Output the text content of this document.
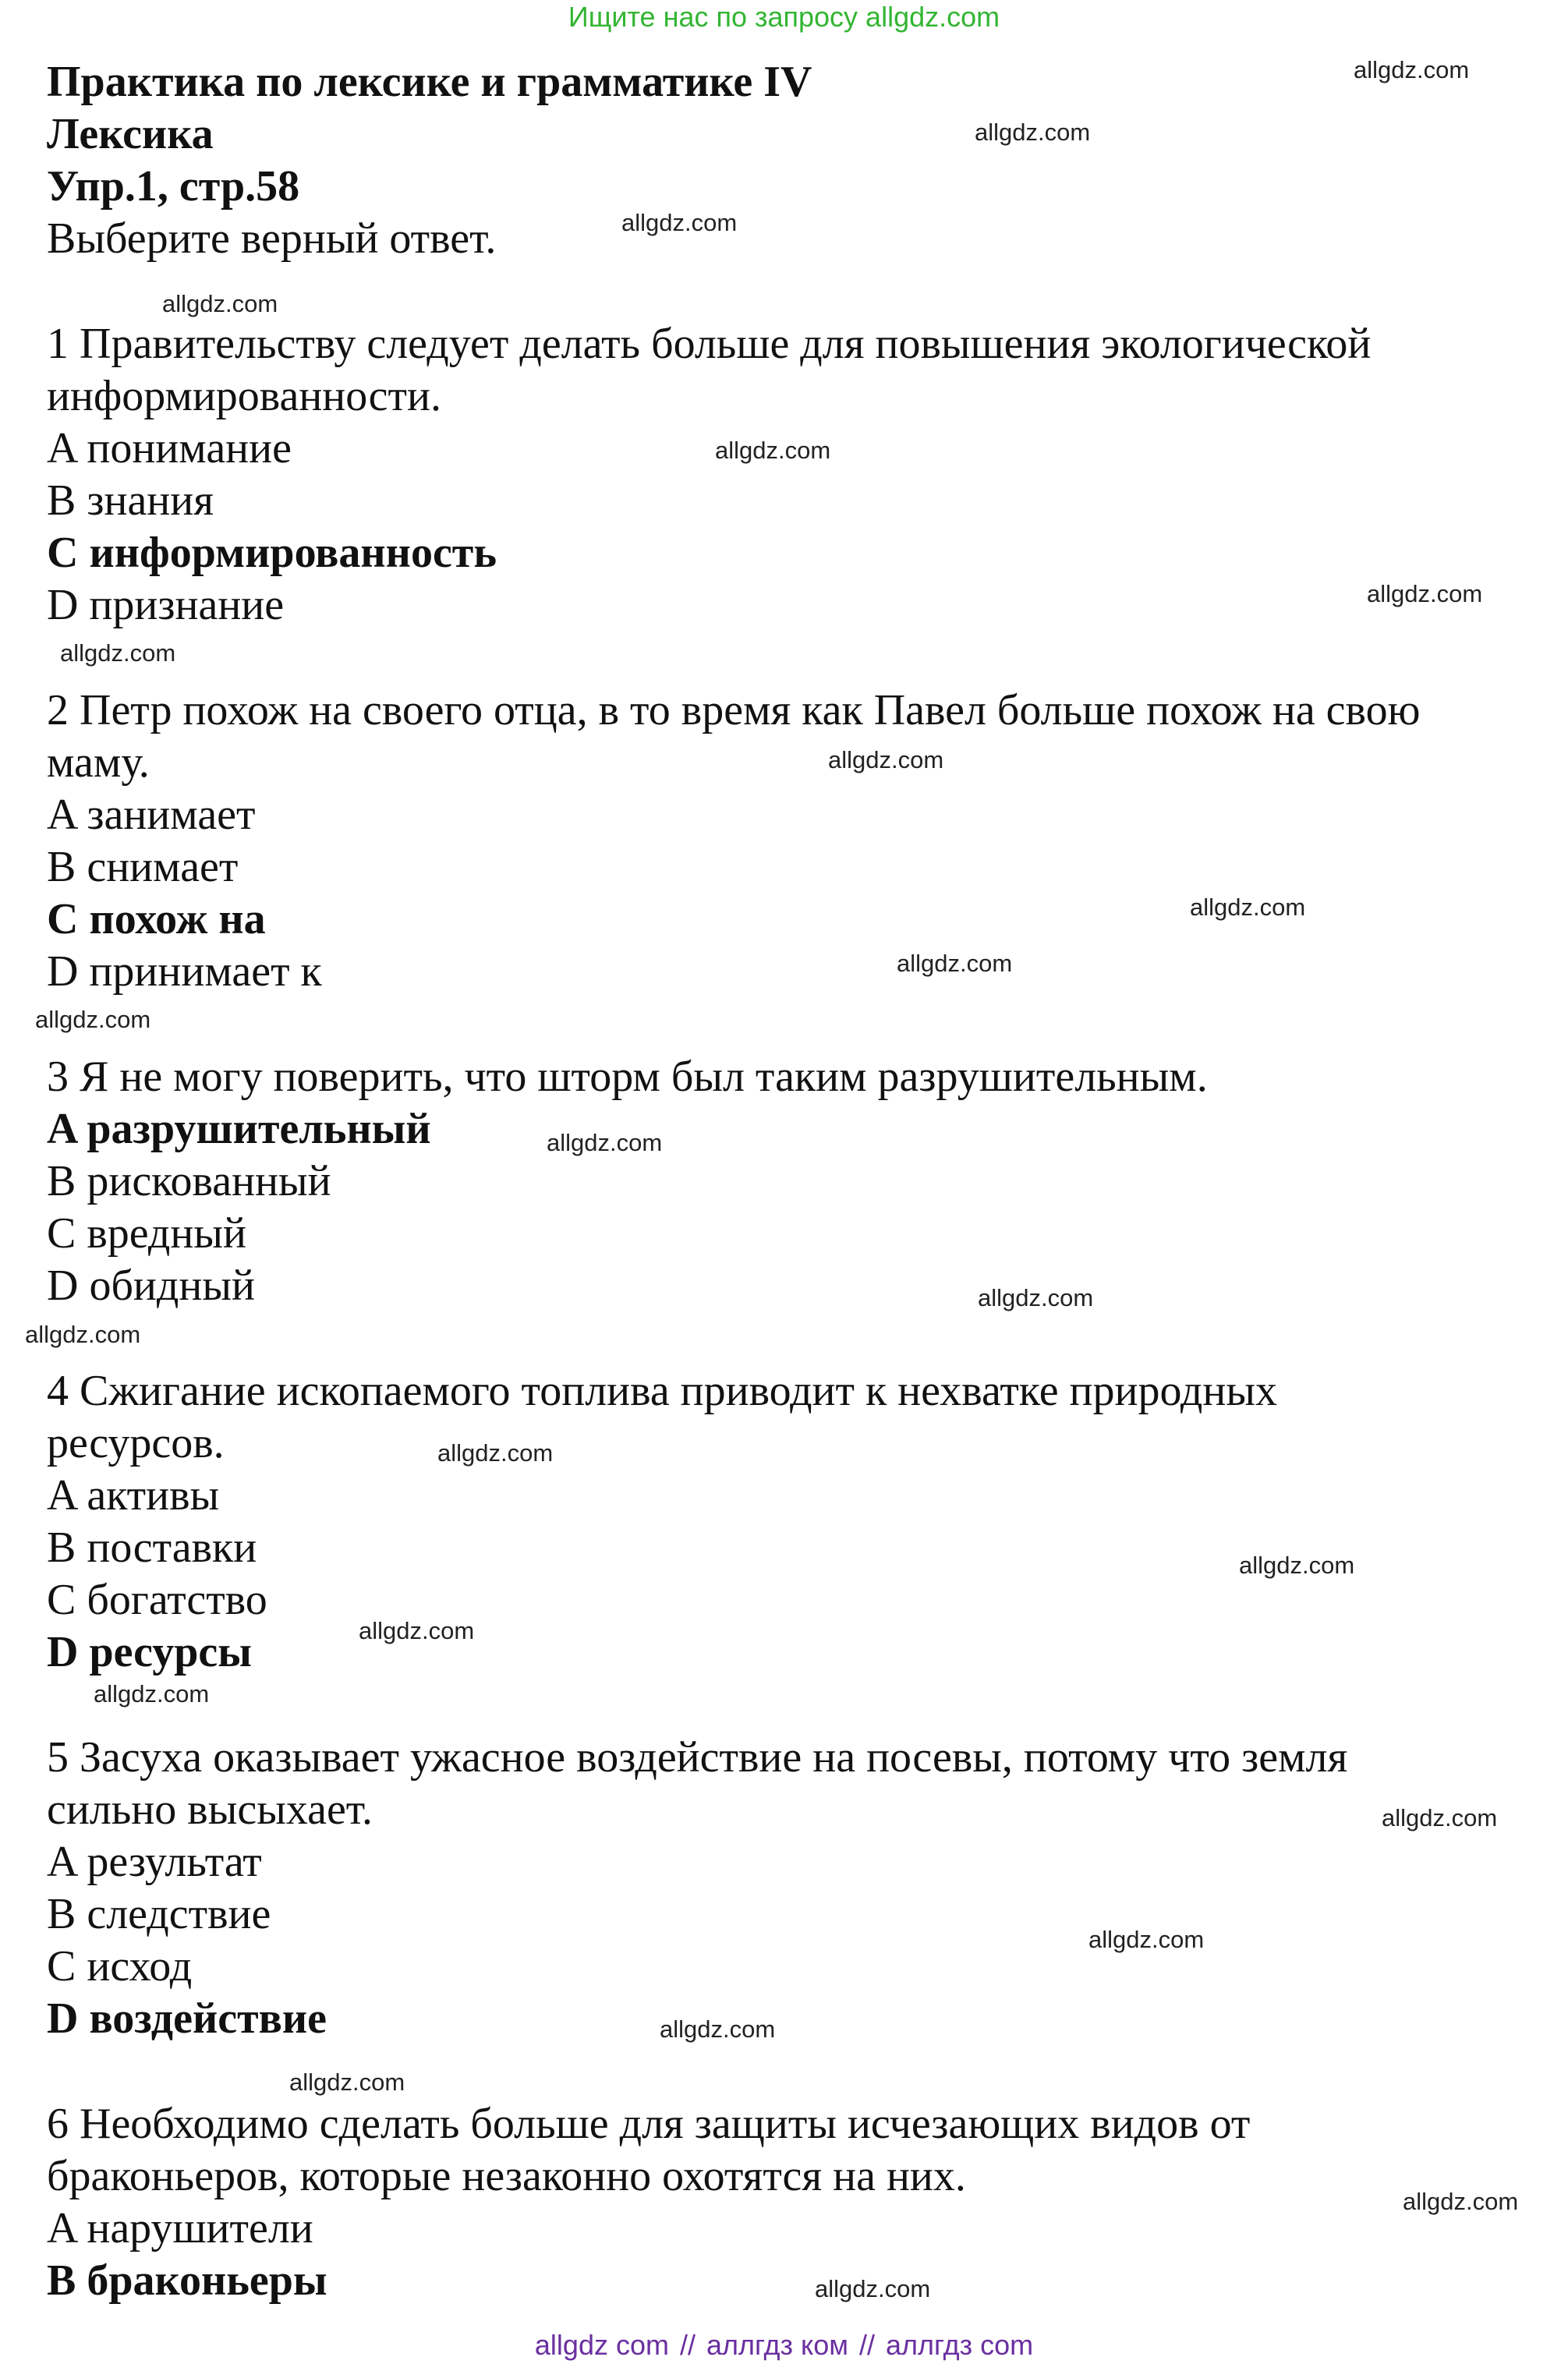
Ищите нас по запросу allgdz.com

Практика по лексике и грамматике IV

Лексика

Упр.1, стр.58

Выберите верный ответ.

1 Правительству следует делать больше для повышения экологической

информированности.

A понимание

B знания

C информированность

D признание

2 Петр похож на своего отца, в то время как Павел больше похож на свою

маму.

A занимает

B снимает

C похож на

D принимает к

3 Я не могу поверить, что шторм был таким разрушительным.

A разрушительный

B рискованный

C вредный

D обидный

4 Сжигание ископаемого топлива приводит к нехватке природных

ресурсов.

A активы

B поставки

C богатство

D ресурсы

5 Засуха оказывает ужасное воздействие на посевы, потому что земля

сильно высыхает.

A результат

B следствие

C исход

D воздействие

6 Необходимо сделать больше для защиты исчезающих видов от

браконьеров, которые незаконно охотятся на них.

A нарушители

B браконьеры

allgdz.com
allgdz.com
allgdz.com
allgdz.com
allgdz.com
allgdz.com
allgdz.com
allgdz.com
allgdz.com
allgdz.com
allgdz.com
allgdz.com
allgdz.com
allgdz.com
allgdz.com
allgdz.com
allgdz.com
allgdz.com
allgdz.com
allgdz.com
allgdz.com
allgdz.com
allgdz.com
allgdz.com
allgdz com // аллгдз ком // аллгдз com
